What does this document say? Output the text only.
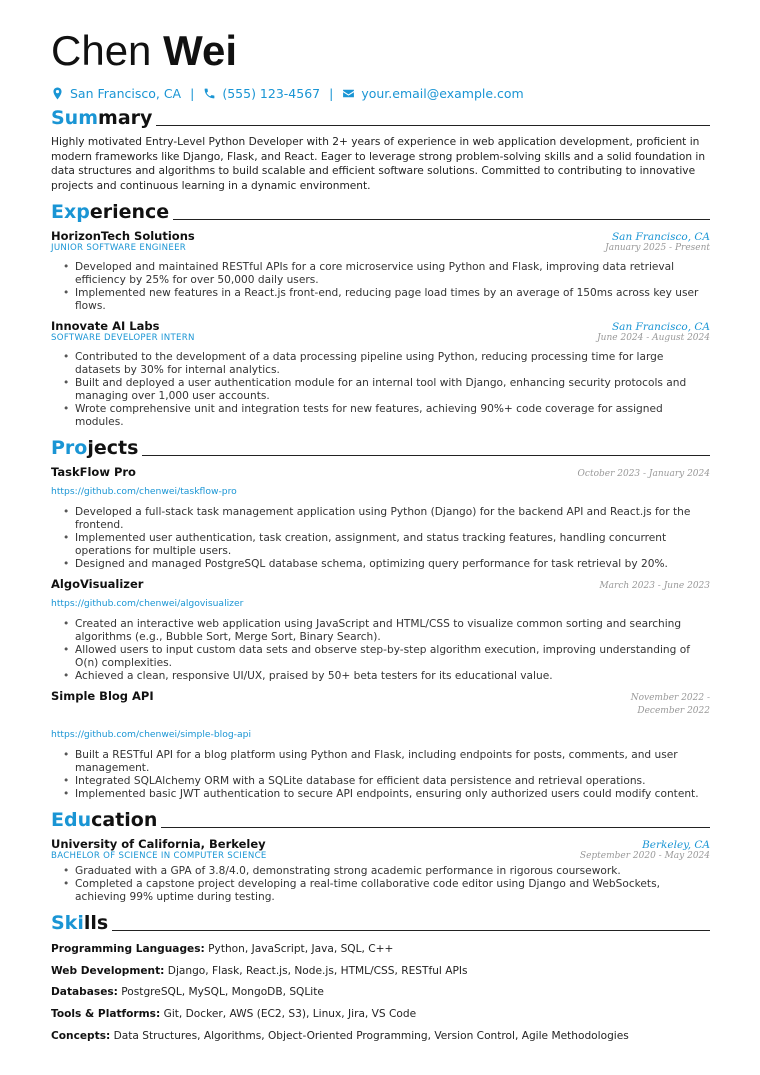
Chen Wei
San Francisco, CA | (555) 123-4567 | your.email@example.com
Summary
Highly motivated Entry-Level Python Developer with 2+ years of experience in web application development, proficient in modern frameworks like Django, Flask, and React. Eager to leverage strong problem-solving skills and a solid foundation in data structures and algorithms to build scalable and efficient software solutions. Committed to contributing to innovative projects and continuous learning in a dynamic environment.
Experience
HorizonTech Solutions	San Francisco, CA
JUNIOR SOFTWARE ENGINEER	January 2025 - Present
• Developed and maintained RESTful APIs for a core microservice using Python and Flask, improving data retrieval efficiency by 25% for over 50,000 daily users.
• Implemented new features in a React.js front-end, reducing page load times by an average of 150ms across key user flows.
Innovate AI Labs	San Francisco, CA
SOFTWARE DEVELOPER INTERN	June 2024 - August 2024
• Contributed to the development of a data processing pipeline using Python, reducing processing time for large datasets by 30% for internal analytics.
• Built and deployed a user authentication module for an internal tool with Django, enhancing security protocols and managing over 1,000 user accounts.
• Wrote comprehensive unit and integration tests for new features, achieving 90%+ code coverage for assigned modules.
Projects
TaskFlow Pro	October 2023 - January 2024
https://github.com/chenwei/taskflow-pro
• Developed a full-stack task management application using Python (Django) for the backend API and React.js for the frontend.
• Implemented user authentication, task creation, assignment, and status tracking features, handling concurrent operations for multiple users.
• Designed and managed PostgreSQL database schema, optimizing query performance for task retrieval by 20%.
AlgoVisualizer	March 2023 - June 2023
https://github.com/chenwei/algovisualizer
• Created an interactive web application using JavaScript and HTML/CSS to visualize common sorting and searching algorithms (e.g., Bubble Sort, Merge Sort, Binary Search).
• Allowed users to input custom data sets and observe step-by-step algorithm execution, improving understanding of O(n) complexities.
• Achieved a clean, responsive UI/UX, praised by 50+ beta testers for its educational value.
Simple Blog API	November 2022 - December 2022
https://github.com/chenwei/simple-blog-api
• Built a RESTful API for a blog platform using Python and Flask, including endpoints for posts, comments, and user management.
• Integrated SQLAlchemy ORM with a SQLite database for efficient data persistence and retrieval operations.
• Implemented basic JWT authentication to secure API endpoints, ensuring only authorized users could modify content.
Education
University of California, Berkeley	Berkeley, CA
BACHELOR OF SCIENCE IN COMPUTER SCIENCE	September 2020 - May 2024
• Graduated with a GPA of 3.8/4.0, demonstrating strong academic performance in rigorous coursework.
• Completed a capstone project developing a real-time collaborative code editor using Django and WebSockets, achieving 99% uptime during testing.
Skills
Programming Languages: Python, JavaScript, Java, SQL, C++
Web Development: Django, Flask, React.js, Node.js, HTML/CSS, RESTful APIs
Databases: PostgreSQL, MySQL, MongoDB, SQLite
Tools & Platforms: Git, Docker, AWS (EC2, S3), Linux, Jira, VS Code
Concepts: Data Structures, Algorithms, Object-Oriented Programming, Version Control, Agile Methodologies
